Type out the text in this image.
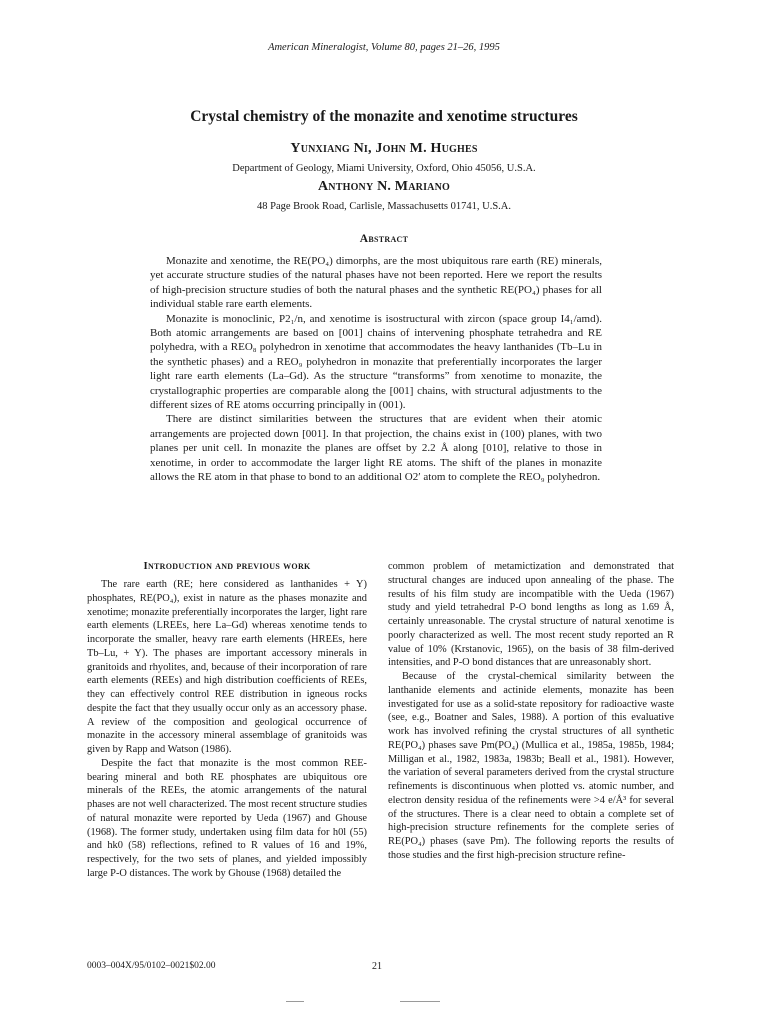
American Mineralogist, Volume 80, pages 21–26, 1995
Crystal chemistry of the monazite and xenotime structures
Yunxiang Ni, John M. Hughes
Department of Geology, Miami University, Oxford, Ohio 45056, U.S.A.
Anthony N. Mariano
48 Page Brook Road, Carlisle, Massachusetts 01741, U.S.A.
Abstract

Monazite and xenotime, the RE(PO₄) dimorphs, are the most ubiquitous rare earth (RE) minerals, yet accurate structure studies of the natural phases have not been reported. Here we report the results of high-precision structure studies of both the natural phases and the synthetic RE(PO₄) phases for all individual stable rare earth elements.

Monazite is monoclinic, P2₁/n, and xenotime is isostructural with zircon (space group I4₁/amd). Both atomic arrangements are based on [001] chains of intervening phosphate tetrahedra and RE polyhedra, with a REO₈ polyhedron in xenotime that accommodates the heavy lanthanides (Tb–Lu in the synthetic phases) and a REO₉ polyhedron in monazite that preferentially incorporates the larger light rare earth elements (La–Gd). As the structure “transforms” from xenotime to monazite, the crystallographic properties are comparable along the [001] chains, with structural adjustments to the different sizes of RE atoms occurring principally in (001).

There are distinct similarities between the structures that are evident when their atomic arrangements are projected down [001]. In that projection, the chains exist in (100) planes, with two planes per unit cell. In monazite the planes are offset by 2.2 Å along [010], relative to those in xenotime, in order to accommodate the larger light RE atoms. The shift of the planes in monazite allows the RE atom in that phase to bond to an additional O2′ atom to complete the REO₉ polyhedron.

Introduction and previous work

The rare earth (RE; here considered as lanthanides + Y) phosphates, RE(PO₄), exist in nature as the phases monazite and xenotime; monazite preferentially incorporates the larger, light rare earth elements (LREEs, here La–Gd) whereas xenotime tends to incorporate the smaller, heavy rare earth elements (HREEs, here Tb–Lu, + Y). The phases are important accessory minerals in granitoids and rhyolites, and, because of their incorporation of rare earth elements (REEs) and high distribution coefficients of REEs, they can effectively control REE distribution in igneous rocks despite the fact that they usually occur only as an accessory phase. A review of the composition and geological occurrence of monazite in the accessory mineral assemblage of granitoids was given by Rapp and Watson (1986).

Despite the fact that monazite is the most common REE-bearing mineral and both RE phosphates are ubiquitous ore minerals of the REEs, the atomic arrangements of the natural phases are not well characterized. The most recent structure studies of natural monazite were reported by Ueda (1967) and Ghouse (1968). The former study, undertaken using film data for h0l (55) and hk0 (58) reflections, refined to R values of 16 and 19%, respectively, for the two sets of planes, and yielded impossibly large P-O distances. The work by Ghouse (1968) detailed the

common problem of metamictization and demonstrated that structural changes are induced upon annealing of the phase. The results of his film study are incompatible with the Ueda (1967) study and yield tetrahedral P-O bond lengths as long as 1.69 Å, certainly unreasonable. The crystal structure of natural xenotime is poorly characterized as well. The most recent study reported an R value of 10% (Krstanovic, 1965), on the basis of 38 film-derived intensities, and P-O bond distances that are unreasonably short.

Because of the crystal-chemical similarity between the lanthanide elements and actinide elements, monazite has been investigated for use as a solid-state repository for radioactive waste (see, e.g., Boatner and Sales, 1988). A portion of this evaluative work has involved refining the crystal structures of all synthetic RE(PO₄) phases save Pm(PO₄) (Mullica et al., 1985a, 1985b, 1984; Milligan et al., 1982, 1983a, 1983b; Beall et al., 1981). However, the variation of several parameters derived from the crystal structure refinements is discontinuous when plotted vs. atomic number, and electron density residua of the refinements were >4 e/Å³ for several of the structures. There is a clear need to obtain a complete set of high-precision structure refinements for the complete series of RE(PO₄) phases (save Pm). The following reports the results of those studies and the first high-precision structure refine-

0003–004X/95/0102–0021$02.00	21
